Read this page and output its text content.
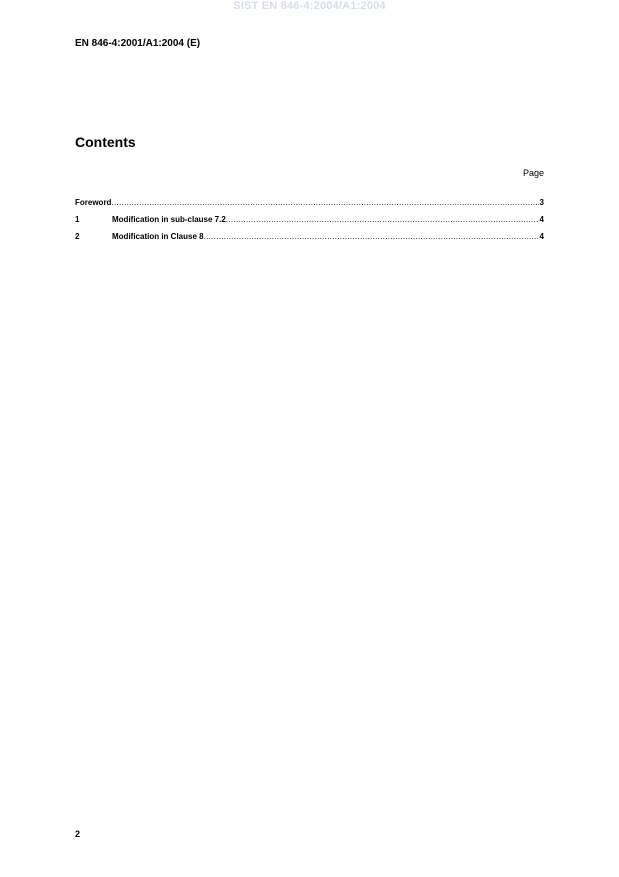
SIST EN 846-4:2004/A1:2004
EN 846-4:2001/A1:2004 (E)
Contents
Page
Foreword .....	3
1	Modification in sub-clause 7.2 .....	4
2	Modification in Clause 8 .....	4
2
